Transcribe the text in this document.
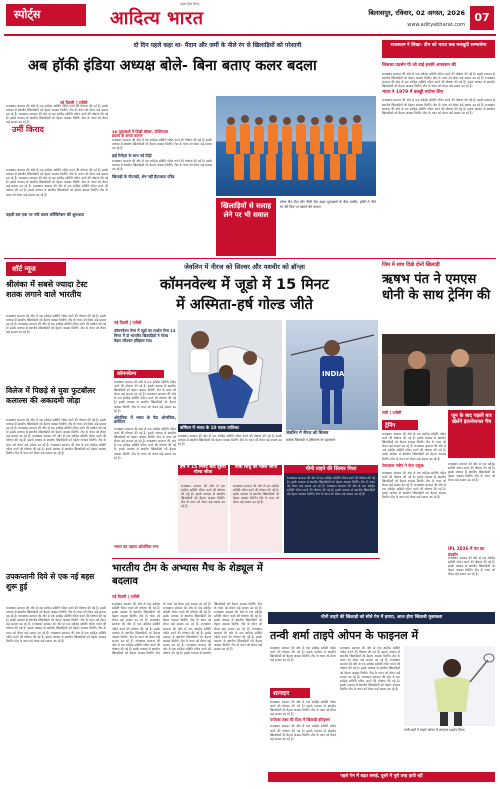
स्पोर्ट्स
राष्ट्रीय हिंदी दैनिक
आदित्य भारत	बिलासपुर, रविवार, 02 अगस्त, 2026
www.adityabharat.com
07
दो दिन पहले कहा था- मैदान और जमीं के नीले रंग से खिलाड़ियों को परेशानी
अब हॉकी इंडिया अध्यक्ष बोले- बिना बताए कलर बदला
नई दिल्ली | एजेंसी
राजस्थान सरकार की ओर से एक स्पोर्ट्स समिति गठित करने की घोषणा की गई है। इसके माध्यम से स्थानीय खिलाड़ियों को बेहतर अवसर मिलेंगे। टीम के चयन को लेकर कई सवाल उठ रहे हैं। राजस्थान सरकार की ओर से एक स्पोर्ट्स समिति गठित करने की घोषणा की गई है। इसके माध्यम से स्थानीय खिलाड़ियों को बेहतर अवसर मिलेंगे। टीम के चयन को लेकर कई सवाल उठ रहे हैं।
उर्मी किराद
राजस्थान सरकार की ओर से एक स्पोर्ट्स समिति गठित करने की घोषणा की गई है। इसके माध्यम से स्थानीय खिलाड़ियों को बेहतर अवसर मिलेंगे। टीम के चयन को लेकर कई सवाल उठ रहे हैं। राजस्थान सरकार की ओर से एक स्पोर्ट्स समिति गठित करने की घोषणा की गई है। इसके माध्यम से स्थानीय खिलाड़ियों को बेहतर अवसर मिलेंगे। टीम के चयन को लेकर कई सवाल उठ रहे हैं। राजस्थान सरकार की ओर से एक स्पोर्ट्स समिति गठित करने की घोषणा की गई है। इसके माध्यम से स्थानीय खिलाड़ियों को बेहतर अवसर मिलेंगे। टीम के चयन को लेकर कई सवाल उठ रहे हैं।
पहली बार एक पर नयी कलर कॉम्बिनेशन की शुरुआत
30 मुकाबलों में दिखी बॉक्स, टोक्यियाल
प्रयास के बनाए कारण
राजस्थान सरकार की ओर से एक स्पोर्ट्स समिति गठित करने की घोषणा की गई है। इसके माध्यम से स्थानीय खिलाड़ियों को बेहतर अवसर मिलेंगे। टीम के चयन को लेकर कई सवाल उठ रहे हैं।
हाई टैलेंट्स के साथ नई पीढ़ी
राजस्थान सरकार की ओर से एक स्पोर्ट्स समिति गठित करने की घोषणा की गई है। इसके माध्यम से स्थानीय खिलाड़ियों को बेहतर अवसर मिलेंगे। टीम के चयन को लेकर कई सवाल उठ रहे हैं।
खिलाड़ी के पीएचडी, शेष नहीं हैदराबाद एविड
खिलाड़ियों से सलाह लेने पर भी सवाल
ब्लैक ग्रीन टीम और नीली टीम बाहर मुकाबलों के बीच तस्वीर; हॉकी में नीले रंग की पिच पर खेलने की परंपरा
राजस्थान ने लिखा- टीम को भारत कब मजबूती सम्भालेगा
जिसका प्रदर्शन पी जो वाई इनकी अपवंशन की
राजस्थान सरकार की ओर से एक स्पोर्ट्स समिति गठित करने की घोषणा की गई है। इसके माध्यम से स्थानीय खिलाड़ियों को बेहतर अवसर मिलेंगे। टीम के चयन को लेकर कई सवाल उठ रहे हैं। राजस्थान सरकार की ओर से एक स्पोर्ट्स समिति गठित करने की घोषणा की गई है। इसके माध्यम से स्थानीय खिलाड़ियों को बेहतर अवसर मिलेंगे। टीम के चयन को लेकर कई सवाल उठ रहे हैं।
भारत ने 1979 में कबड्डी पार्टनर शिप
राजस्थान सरकार की ओर से एक स्पोर्ट्स समिति गठित करने की घोषणा की गई है। इसके माध्यम से स्थानीय खिलाड़ियों को बेहतर अवसर मिलेंगे। टीम के चयन को लेकर कई सवाल उठ रहे हैं। राजस्थान सरकार की ओर से एक स्पोर्ट्स समिति गठित करने की घोषणा की गई है। इसके माध्यम से स्थानीय खिलाड़ियों को बेहतर अवसर मिलेंगे। टीम के चयन को लेकर कई सवाल उठ रहे हैं।
शॉर्ट न्यूज
श्रीलंका में सबसे ज्यादा टेस्ट शतक लगाने वाले भारतीय
राजस्थान सरकार की ओर से एक स्पोर्ट्स समिति गठित करने की घोषणा की गई है। इसके माध्यम से स्थानीय खिलाड़ियों को बेहतर अवसर मिलेंगे। टीम के चयन को लेकर कई सवाल उठ रहे हैं। राजस्थान सरकार की ओर से एक स्पोर्ट्स समिति गठित करने की घोषणा की गई है। इसके माध्यम से स्थानीय खिलाड़ियों को बेहतर अवसर मिलेंगे। टीम के चयन को लेकर कई सवाल उठ रहे हैं।
विलेज में पिछड़े से युवा फुटबॉलर कलाल्स की अकादमी जोड़ा
राजस्थान सरकार की ओर से एक स्पोर्ट्स समिति गठित करने की घोषणा की गई है। इसके माध्यम से स्थानीय खिलाड़ियों को बेहतर अवसर मिलेंगे। टीम के चयन को लेकर कई सवाल उठ रहे हैं। राजस्थान सरकार की ओर से एक स्पोर्ट्स समिति गठित करने की घोषणा की गई है। इसके माध्यम से स्थानीय खिलाड़ियों को बेहतर अवसर मिलेंगे। टीम के चयन को लेकर कई सवाल उठ रहे हैं। राजस्थान सरकार की ओर से एक स्पोर्ट्स समिति गठित करने की घोषणा की गई है। इसके माध्यम से स्थानीय खिलाड़ियों को बेहतर अवसर मिलेंगे। टीम के चयन को लेकर कई सवाल उठ रहे हैं। राजस्थान सरकार की ओर से एक स्पोर्ट्स समिति गठित करने की घोषणा की गई है। इसके माध्यम से स्थानीय खिलाड़ियों को बेहतर अवसर मिलेंगे। टीम के चयन को लेकर कई सवाल उठ रहे हैं।
उपकप्तानी दिये से एक नई बहस शुरू हुई
राजस्थान सरकार की ओर से एक स्पोर्ट्स समिति गठित करने की घोषणा की गई है। इसके माध्यम से स्थानीय खिलाड़ियों को बेहतर अवसर मिलेंगे। टीम के चयन को लेकर कई सवाल उठ रहे हैं। राजस्थान सरकार की ओर से एक स्पोर्ट्स समिति गठित करने की घोषणा की गई है। इसके माध्यम से स्थानीय खिलाड़ियों को बेहतर अवसर मिलेंगे। टीम के चयन को लेकर कई सवाल उठ रहे हैं। राजस्थान सरकार की ओर से एक स्पोर्ट्स समिति गठित करने की घोषणा की गई है। इसके माध्यम से स्थानीय खिलाड़ियों को बेहतर अवसर मिलेंगे। टीम के चयन को लेकर कई सवाल उठ रहे हैं। राजस्थान सरकार की ओर से एक स्पोर्ट्स समिति गठित करने की घोषणा की गई है। इसके माध्यम से स्थानीय खिलाड़ियों को बेहतर अवसर मिलेंगे। टीम के चयन को लेकर कई सवाल उठ रहे हैं।
जेवलिन में नीरज को सिल्वर और यशवीर को ब्रॉन्ज़ा
कॉमनवेल्थ में जूडो में 15 मिनट
में अस्मिता-हर्ष गोल्ड जीते
नई दिल्ली | एजेंसी
कॉमनवेल्थ गेम्स में जूडो का मार्शल गेम्स 15 मिनट में दो भारतीय खिलाड़ियों ने गोल्ड मेडल जीतकर इतिहास रचा।
कॉमनवेल्थ
राजस्थान सरकार की ओर से एक स्पोर्ट्स समिति गठित करने की घोषणा की गई है। इसके माध्यम से स्थानीय खिलाड़ियों को बेहतर अवसर मिलेंगे। टीम के चयन को लेकर कई सवाल उठ रहे हैं। राजस्थान सरकार की ओर से एक स्पोर्ट्स समिति गठित करने की घोषणा की गई है। इसके माध्यम से स्थानीय खिलाड़ियों को बेहतर अवसर मिलेंगे। टीम के चयन को लेकर कई सवाल उठ रहे हैं।
ओलंपिक में भारत के पैरा ओलंपिक, कमेंटेटर
राजस्थान सरकार की ओर से एक स्पोर्ट्स समिति गठित करने की घोषणा की गई है। इसके माध्यम से स्थानीय खिलाड़ियों को बेहतर अवसर मिलेंगे। टीम के चयन को लेकर कई सवाल उठ रहे हैं। राजस्थान सरकार की ओर से एक स्पोर्ट्स समिति गठित करने की घोषणा की गई है। इसके माध्यम से स्थानीय खिलाड़ियों को बेहतर अवसर मिलेंगे। टीम के चयन को लेकर कई सवाल उठ रहे हैं।
बर्मिंघम में भारत के 10 पदक तालिका
INDIA
जेवलिन में नीरज को सिल्वर
प्रत्येक खिलाड़ी व हरियाणा के पहलवान
राजस्थान सरकार की ओर से एक स्पोर्ट्स समिति गठित करने की घोषणा की गई है। इसके माध्यम से स्थानीय खिलाड़ियों को बेहतर अवसर मिलेंगे। टीम के चयन को लेकर कई सवाल उठ रहे हैं।
हर्ष ने 15 मिनट बाद दूसरा गोल्ड जीता
राजस्थान सरकार की ओर से एक स्पोर्ट्स समिति गठित करने की घोषणा की गई है। इसके माध्यम से स्थानीय खिलाड़ियों को बेहतर अवसर मिलेंगे। टीम के चयन को लेकर कई सवाल उठ रहे हैं।
पीवी सिंधु को मेडल सौंपा
राजस्थान सरकार की ओर से एक स्पोर्ट्स समिति गठित करने की घोषणा की गई है। इसके माध्यम से स्थानीय खिलाड़ियों को बेहतर अवसर मिलेंगे। टीम के चयन को लेकर कई सवाल उठ रहे हैं।
चीनी ताइपे की सिल्वर मिला
राजस्थान सरकार की ओर से एक स्पोर्ट्स समिति गठित करने की घोषणा की गई है। इसके माध्यम से स्थानीय खिलाड़ियों को बेहतर अवसर मिलेंगे। टीम के चयन को लेकर कई सवाल उठ रहे हैं। राजस्थान सरकार की ओर से एक स्पोर्ट्स समिति गठित करने की घोषणा की गई है। इसके माध्यम से स्थानीय खिलाड़ियों को बेहतर अवसर मिलेंगे। टीम के चयन को लेकर कई सवाल उठ रहे हैं।
भारत का पहला ओलंपिक रनर
जिम में साथ दिखे दोनों खिलाड़ी
ऋषभ पंत ने एमएस धोनी के साथ ट्रेनिंग की
रांची | एजेंसी
ट्रेनिंग
राजस्थान सरकार की ओर से एक स्पोर्ट्स समिति गठित करने की घोषणा की गई है। इसके माध्यम से स्थानीय खिलाड़ियों को बेहतर अवसर मिलेंगे। टीम के चयन को लेकर कई सवाल उठ रहे हैं। राजस्थान सरकार की ओर से एक स्पोर्ट्स समिति गठित करने की घोषणा की गई है। इसके माध्यम से स्थानीय खिलाड़ियों को बेहतर अवसर मिलेंगे। टीम के चयन को लेकर कई सवाल उठ रहे हैं।
टेस्टकाम नवीन ने सेन्ट प्रमुख
राजस्थान सरकार की ओर से एक स्पोर्ट्स समिति गठित करने की घोषणा की गई है। इसके माध्यम से स्थानीय खिलाड़ियों को बेहतर अवसर मिलेंगे। टीम के चयन को लेकर कई सवाल उठ रहे हैं। राजस्थान सरकार की ओर से एक स्पोर्ट्स समिति गठित करने की घोषणा की गई है। इसके माध्यम से स्थानीय खिलाड़ियों को बेहतर अवसर मिलेंगे। टीम के चयन को लेकर कई सवाल उठ रहे हैं।
जून के बाद पहली बार खेलेंगे इंटरनेशनल मैच
राजस्थान सरकार की ओर से एक स्पोर्ट्स समिति गठित करने की घोषणा की गई है। इसके माध्यम से स्थानीय खिलाड़ियों को बेहतर अवसर मिलेंगे। टीम के चयन को लेकर कई सवाल उठ रहे हैं।
IPL 2026 में पंत का प्रदर्शन
राजस्थान सरकार की ओर से एक स्पोर्ट्स समिति गठित करने की घोषणा की गई है। इसके माध्यम से स्थानीय खिलाड़ियों को बेहतर अवसर मिलेंगे। टीम के चयन को लेकर कई सवाल उठ रहे हैं।
भारतीय टीम के अभ्यास मैच के शेड्यूल में बदलाव
नई दिल्ली | एजेंसी
राजस्थान सरकार की ओर से एक स्पोर्ट्स समिति गठित करने की घोषणा की गई है। इसके माध्यम से स्थानीय खिलाड़ियों को बेहतर अवसर मिलेंगे। टीम के चयन को लेकर कई सवाल उठ रहे हैं। राजस्थान सरकार की ओर से एक स्पोर्ट्स समिति गठित करने की घोषणा की गई है। इसके माध्यम से स्थानीय खिलाड़ियों को बेहतर अवसर मिलेंगे। टीम के चयन को लेकर कई सवाल उठ रहे हैं। राजस्थान सरकार की ओर से एक स्पोर्ट्स समिति गठित करने की घोषणा की गई है। इसके माध्यम से स्थानीय खिलाड़ियों को बेहतर अवसर मिलेंगे। टीम के चयन को लेकर कई सवाल उठ रहे हैं। राजस्थान सरकार की ओर से एक स्पोर्ट्स समिति गठित करने की घोषणा की गई है। इसके माध्यम से स्थानीय खिलाड़ियों को बेहतर अवसर मिलेंगे। टीम के चयन को लेकर कई सवाल उठ रहे हैं। राजस्थान सरकार की ओर से एक स्पोर्ट्स समिति गठित करने की घोषणा की गई है। इसके माध्यम से स्थानीय खिलाड़ियों को बेहतर अवसर मिलेंगे। टीम के चयन को लेकर कई सवाल उठ रहे हैं। राजस्थान सरकार की ओर से एक स्पोर्ट्स समिति गठित करने की घोषणा की गई है। इसके माध्यम से स्थानीय खिलाड़ियों को बेहतर अवसर मिलेंगे। टीम के चयन को लेकर कई सवाल उठ रहे हैं। राजस्थान सरकार की ओर से एक स्पोर्ट्स समिति गठित करने की घोषणा की गई है। इसके माध्यम से स्थानीय खिलाड़ियों को बेहतर अवसर मिलेंगे। टीम के चयन को लेकर कई सवाल उठ रहे हैं। राजस्थान सरकार की ओर से एक स्पोर्ट्स समिति गठित करने की घोषणा की गई है। इसके माध्यम से स्थानीय खिलाड़ियों को बेहतर अवसर मिलेंगे। टीम के चयन को लेकर कई सवाल उठ रहे हैं।
चीनी ताइपे की खिलाड़ी को सीधे गेम में हराया, आज होगा खिताबी मुकाबला
तन्वी शर्मा ताइपे ओपन के फाइनल में
राजस्थान सरकार की ओर से एक स्पोर्ट्स समिति गठित करने की घोषणा की गई है। इसके माध्यम से स्थानीय खिलाड़ियों को बेहतर अवसर मिलेंगे। टीम के चयन को लेकर कई सवाल उठ रहे हैं।
शानदार
राजस्थान सरकार की ओर से एक स्पोर्ट्स समिति गठित करने की घोषणा की गई है। इसके माध्यम से स्थानीय खिलाड़ियों को बेहतर अवसर मिलेंगे। टीम के चयन को लेकर कई सवाल उठ रहे हैं।
परफेक्ट लक्ष्य की दिशा में खिलाड़ी हरिकृष्ण
राजस्थान सरकार की ओर से एक स्पोर्ट्स समिति गठित करने की घोषणा की गई है। इसके माध्यम से स्थानीय खिलाड़ियों को बेहतर अवसर मिलेंगे। टीम के चयन को लेकर कई सवाल उठ रहे हैं।
राजस्थान सरकार की ओर से एक स्पोर्ट्स समिति गठित करने की घोषणा की गई है। इसके माध्यम से स्थानीय खिलाड़ियों को बेहतर अवसर मिलेंगे। टीम के चयन को लेकर कई सवाल उठ रहे हैं। राजस्थान सरकार की ओर से एक स्पोर्ट्स समिति गठित करने की घोषणा की गई है। इसके माध्यम से स्थानीय खिलाड़ियों को बेहतर अवसर मिलेंगे। टीम के चयन को लेकर कई सवाल उठ रहे हैं। राजस्थान सरकार की ओर से एक स्पोर्ट्स समिति गठित करने की घोषणा की गई है। इसके माध्यम से स्थानीय खिलाड़ियों को बेहतर अवसर मिलेंगे। टीम के चयन को लेकर कई सवाल उठ रहे हैं।
तन्वी शर्मा ने ताइपे ओपन में शानदार प्रदर्शन किया
पहले गेम में बढ़त बनाई, दूसरे में पूरी तरह हावी रहीं
